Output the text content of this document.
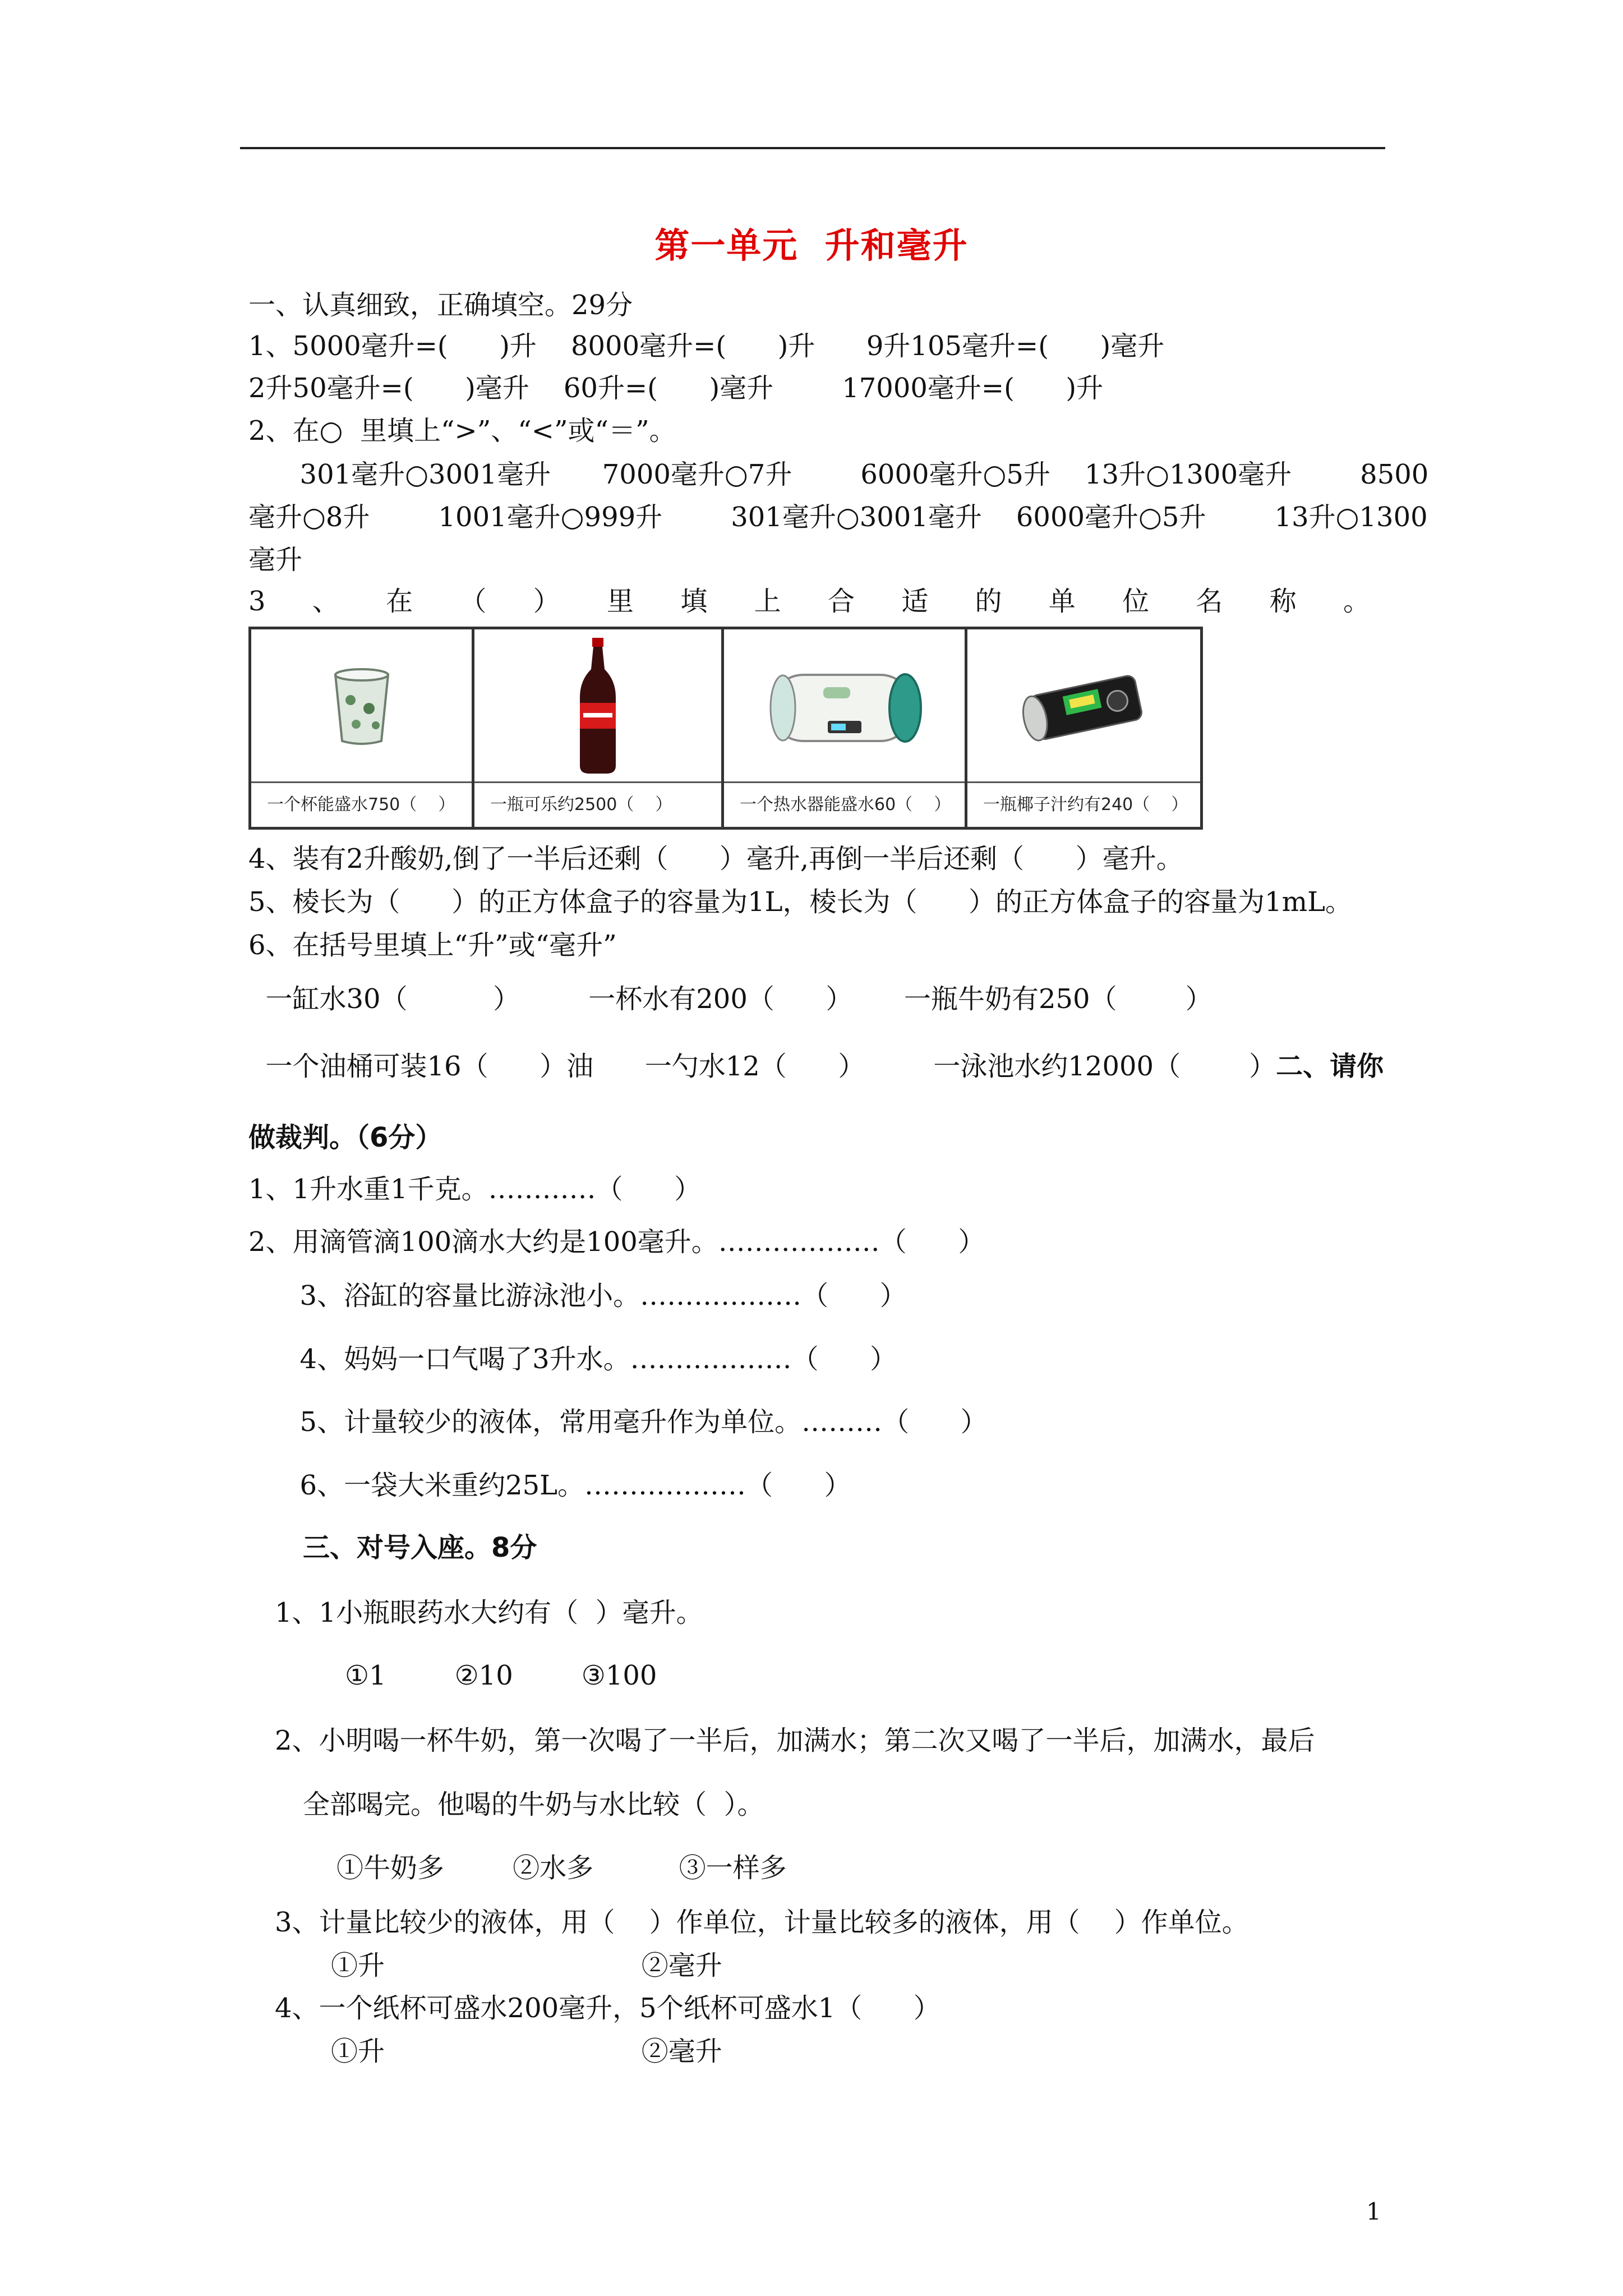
第一单元  升和毫升
一、认真细致，正确填空。29分
1、5000毫升=(      )升    8000毫升=(      )升      9升105毫升=(      )毫升
2升50毫升=(      )毫升    60升=(      )毫升        17000毫升=(      )升
2、在○  里填上“>”、“<”或“＝”。
301毫升○3001毫升      7000毫升○7升        6000毫升○5升    13升○1300毫升        8500
毫升○8升        1001毫升○999升        301毫升○3001毫升    6000毫升○5升        13升○1300
毫升
3 、 在 （ ） 里 填 上 合 适 的 单 位 名 称 。
一个杯能盛水750（    ）	一瓶可乐约2500（    ）	一个热水器能盛水60（    ）	一瓶椰子汁约有240（    ）
4、装有2升酸奶,倒了一半后还剩（      ）毫升,再倒一半后还剩（      ）毫升。
5、棱长为（      ）的正方体盒子的容量为1L，棱长为（      ）的正方体盒子的容量为1mL。
6、在括号里填上“升”或“毫升”
一缸水30（          ）        一杯水有200（      ）      一瓶牛奶有250（        ）
一个油桶可装16（      ）油      一勺水12（      ）        一泳池水约12000（        ）二、请你
做裁判。（6分）
1、1升水重1千克。…………（      ）
2、用滴管滴100滴水大约是100毫升。………………（      ）
3、浴缸的容量比游泳池小。………………（      ）
4、妈妈一口气喝了3升水。………………（      ）
5、计量较少的液体，常用毫升作为单位。………（      ）
6、一袋大米重约25L。………………（      ）
三、对号入座。8分
1、1小瓶眼药水大约有（  ）毫升。
①1        ②10        ③100
2、小明喝一杯牛奶，第一次喝了一半后，加满水；第二次又喝了一半后，加满水，最后
全部喝完。他喝的牛奶与水比较（  ）。
①牛奶多        ②水多          ③一样多
3、计量比较少的液体，用（    ）作单位，计量比较多的液体，用（    ）作单位。
①升                              ②毫升
4、一个纸杯可盛水200毫升，5个纸杯可盛水1（      ）
①升                              ②毫升
1
